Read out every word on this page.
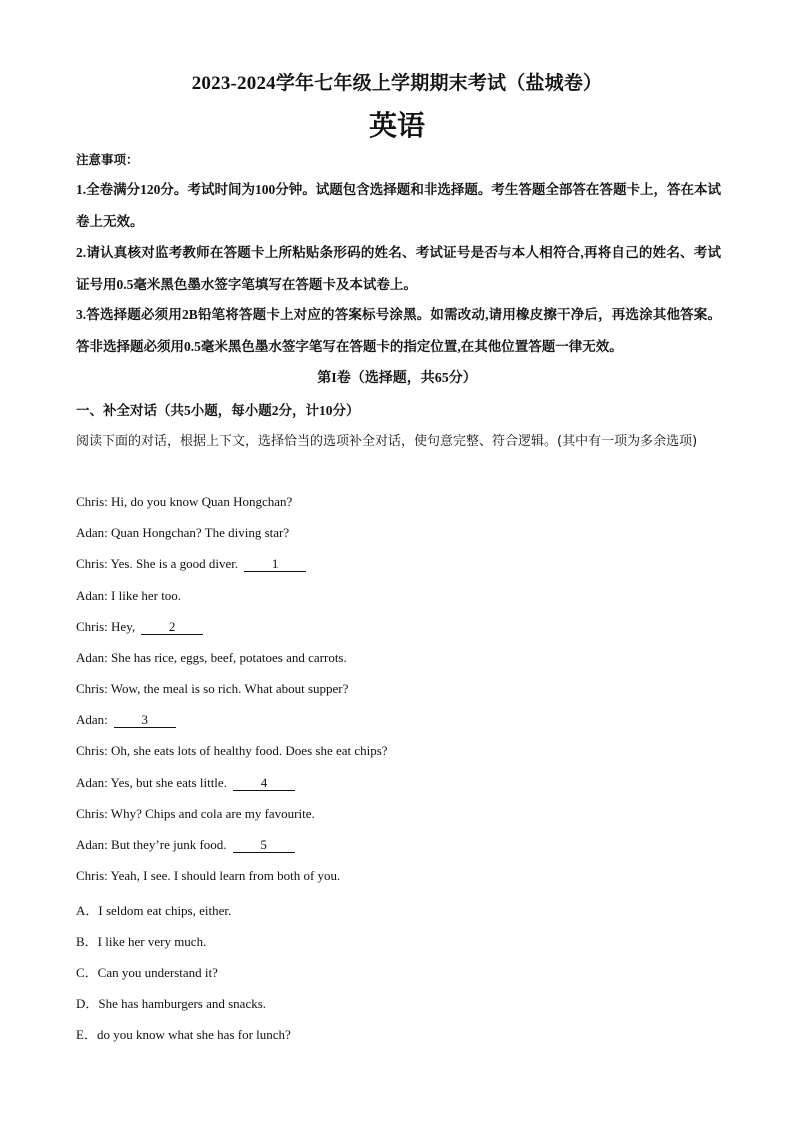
2023-2024学年七年级上学期期末考试（盐城卷）
英语
注意事项：
1.全卷满分120分。考试时间为100分钟。试题包含选择题和非选择题。考生答题全部答在答题卡上，答在本试卷上无效。
2.请认真核对监考教师在答题卡上所粘贴条形码的姓名、考试证号是否与本人相符合,再将自己的姓名、考试证号用0.5毫米黑色墨水签字笔填写在答题卡及本试卷上。
3.答选择题必须用2B铅笔将答题卡上对应的答案标号涂黑。如需改动,请用橡皮擦干净后，再选涂其他答案。答非选择题必须用0.5毫米黑色墨水签字笔写在答题卡的指定位置,在其他位置答题一律无效。
第I卷（选择题，共65分）
一、补全对话（共5小题，每小题2分，计10分）
阅读下面的对话，根据上下文，选择恰当的选项补全对话，使句意完整、符合逻辑。(其中有一项为多余选项)
Chris: Hi, do you know Quan Hongchan?
Adan: Quan Hongchan? The diving star?
Chris: Yes. She is a good diver.	1
Adan: I like her too.
Chris: Hey,	2
Adan: She has rice, eggs, beef, potatoes and carrots.
Chris: Wow, the meal is so rich. What about supper?
Adan:	3
Chris: Oh, she eats lots of healthy food. Does she eat chips?
Adan: Yes, but she eats little.	4
Chris: Why? Chips and cola are my favourite.
Adan: But they’re junk food.	5
Chris: Yeah, I see. I should learn from both of you.
A．I seldom eat chips, either.
B．I like her very much.
C．Can you understand it?
D．She has hamburgers and snacks.
E．do you know what she has for lunch?
